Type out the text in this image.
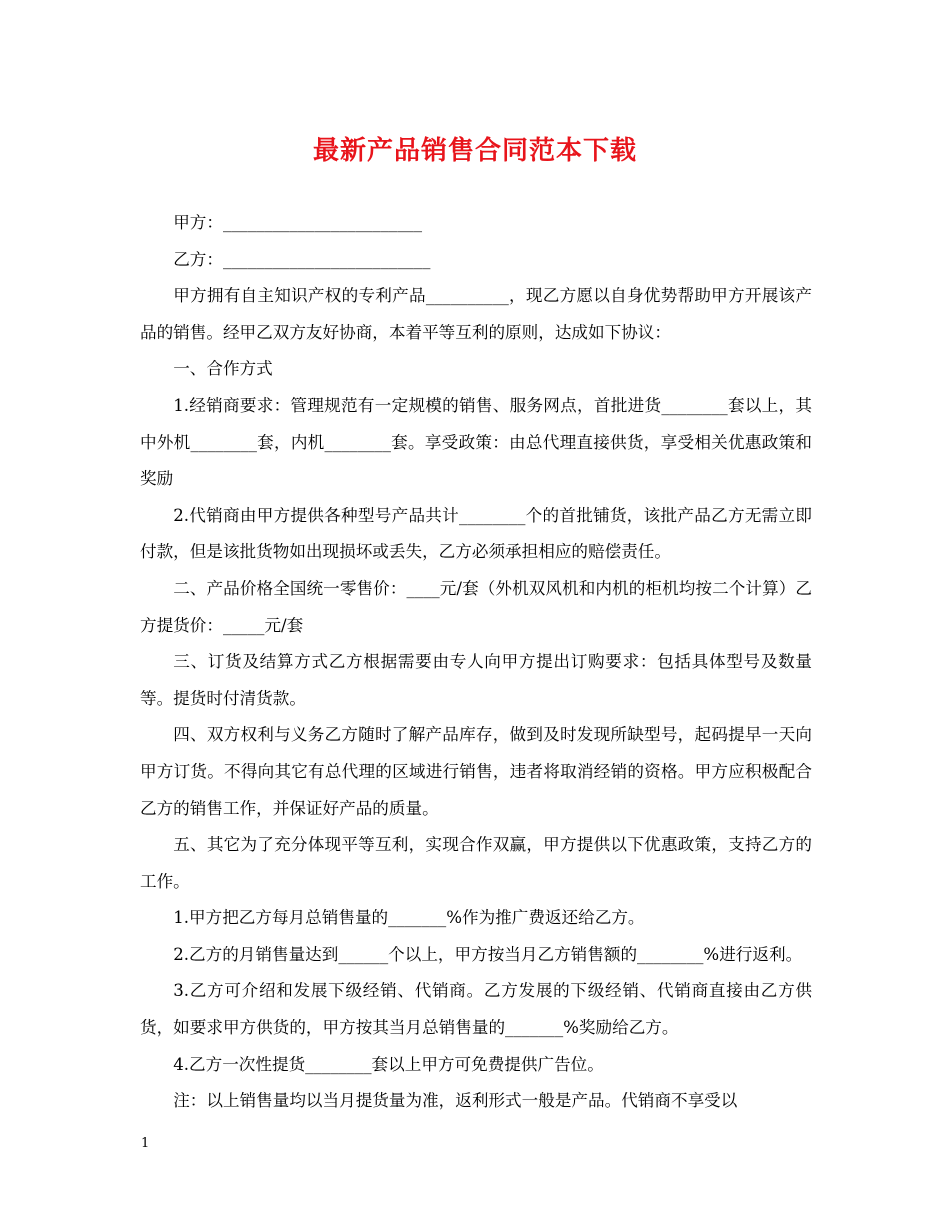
最新产品销售合同范本下载

甲方：________________________

乙方：_________________________

甲方拥有自主知识产权的专利产品__________，现乙方愿以自身优势帮助甲方开展该产品的销售。经甲乙双方友好协商，本着平等互利的原则，达成如下协议：

一、合作方式

1.经销商要求：管理规范有一定规模的销售、服务网点，首批进货________套以上，其中外机________套，内机________套。享受政策：由总代理直接供货，享受相关优惠政策和奖励

2.代销商由甲方提供各种型号产品共计________个的首批铺货，该批产品乙方无需立即付款，但是该批货物如出现损坏或丢失，乙方必须承担相应的赔偿责任。

二、产品价格全国统一零售价：____元/套（外机双风机和内机的柜机均按二个计算）乙方提货价：_____元/套

三、订货及结算方式乙方根据需要由专人向甲方提出订购要求：包括具体型号及数量等。提货时付清货款。

四、双方权利与义务乙方随时了解产品库存，做到及时发现所缺型号，起码提早一天向甲方订货。不得向其它有总代理的区域进行销售，违者将取消经销的资格。甲方应积极配合乙方的销售工作，并保证好产品的质量。

五、其它为了充分体现平等互利，实现合作双赢，甲方提供以下优惠政策，支持乙方的工作。

1.甲方把乙方每月总销售量的_______%作为推广费返还给乙方。

2.乙方的月销售量达到______个以上，甲方按当月乙方销售额的________%进行返利。

3.乙方可介绍和发展下级经销、代销商。乙方发展的下级经销、代销商直接由乙方供货，如要求甲方供货的，甲方按其当月总销售量的_______%奖励给乙方。

4.乙方一次性提货________套以上甲方可免费提供广告位。

注：以上销售量均以当月提货量为准，返利形式一般是产品。代销商不享受以

1
